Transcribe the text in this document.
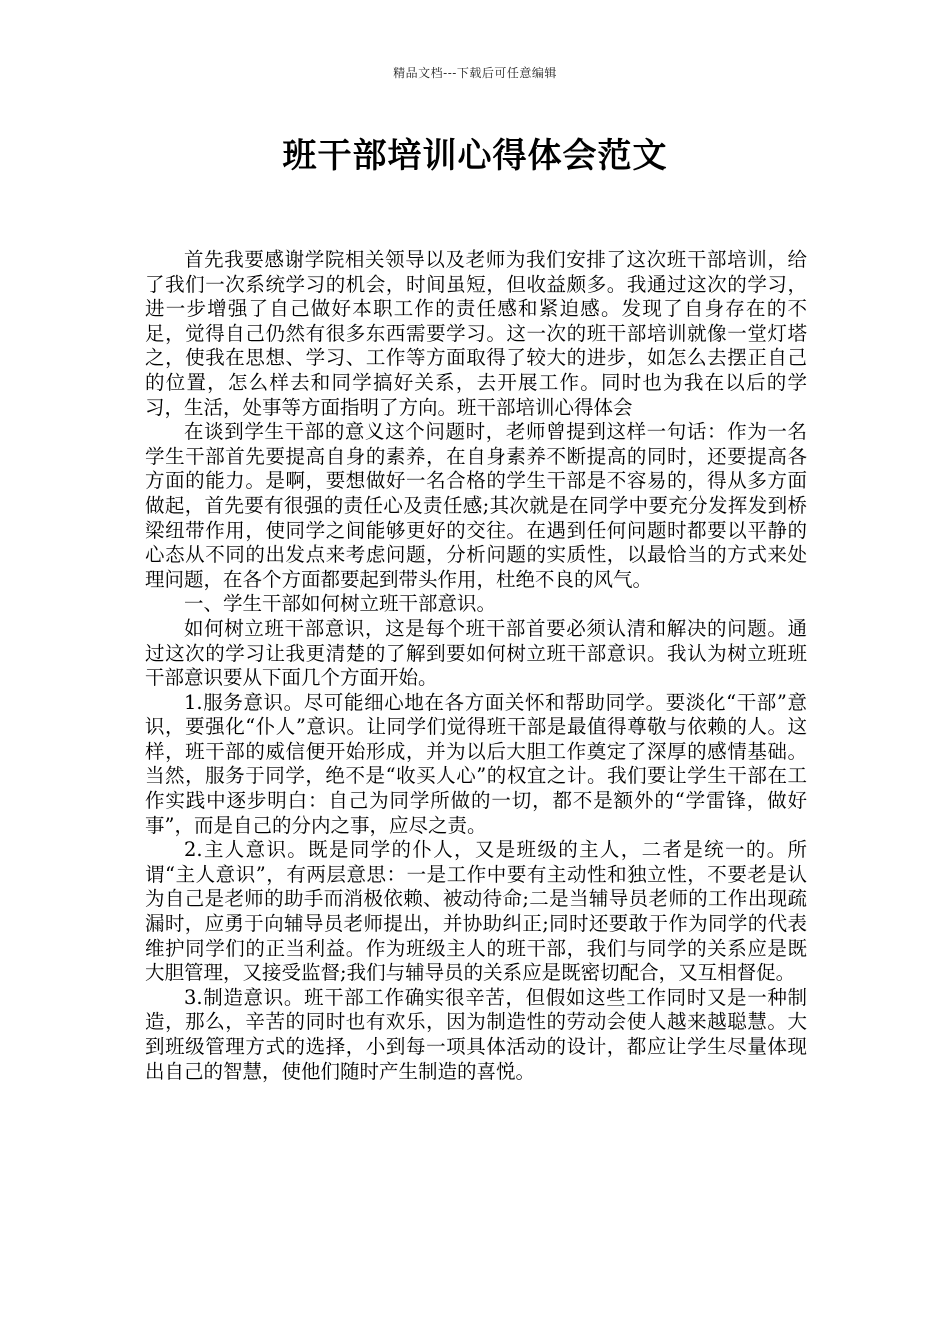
精品文档---下载后可任意编辑
班干部培训心得体会范文

首先我要感谢学院相关领导以及老师为我们安排了这次班干部培训，给了我们一次系统学习的机会，时间虽短，但收益颇多。我通过这次的学习，进一步增强了自己做好本职工作的责任感和紧迫感。发现了自身存在的不足，觉得自己仍然有很多东西需要学习。这一次的班干部培训就像一堂灯塔之，使我在思想、学习、工作等方面取得了较大的进步，如怎么去摆正自己的位置，怎么样去和同学搞好关系，去开展工作。同时也为我在以后的学习，生活，处事等方面指明了方向。班干部培训心得体会

在谈到学生干部的意义这个问题时，老师曾提到这样一句话：作为一名学生干部首先要提高自身的素养，在自身素养不断提高的同时，还要提高各方面的能力。是啊，要想做好一名合格的学生干部是不容易的，得从多方面做起，首先要有很强的责任心及责任感;其次就是在同学中要充分发挥发到桥梁纽带作用，使同学之间能够更好的交往。在遇到任何问题时都要以平静的心态从不同的出发点来考虑问题，分析问题的实质性，以最恰当的方式来处理问题，在各个方面都要起到带头作用，杜绝不良的风气。

一、学生干部如何树立班干部意识。

如何树立班干部意识，这是每个班干部首要必须认清和解决的问题。通过这次的学习让我更清楚的了解到要如何树立班干部意识。我认为树立班班干部意识要从下面几个方面开始。

1.服务意识。尽可能细心地在各方面关怀和帮助同学。要淡化“干部”意识，要强化“仆人”意识。让同学们觉得班干部是最值得尊敬与依赖的人。这样，班干部的威信便开始形成，并为以后大胆工作奠定了深厚的感情基础。当然，服务于同学，绝不是“收买人心”的权宜之计。我们要让学生干部在工作实践中逐步明白：自己为同学所做的一切，都不是额外的“学雷锋，做好事”，而是自己的分内之事，应尽之责。

2.主人意识。既是同学的仆人，又是班级的主人，二者是统一的。所谓“主人意识”，有两层意思：一是工作中要有主动性和独立性，不要老是认为自己是老师的助手而消极依赖、被动待命;二是当辅导员老师的工作出现疏漏时，应勇于向辅导员老师提出，并协助纠正;同时还要敢于作为同学的代表维护同学们的正当利益。作为班级主人的班干部，我们与同学的关系应是既大胆管理，又接受监督;我们与辅导员的关系应是既密切配合，又互相督促。

3.制造意识。班干部工作确实很辛苦，但假如这些工作同时又是一种制造，那么，辛苦的同时也有欢乐，因为制造性的劳动会使人越来越聪慧。大到班级管理方式的选择，小到每一项具体活动的设计，都应让学生尽量体现出自己的智慧，使他们随时产生制造的喜悦。
